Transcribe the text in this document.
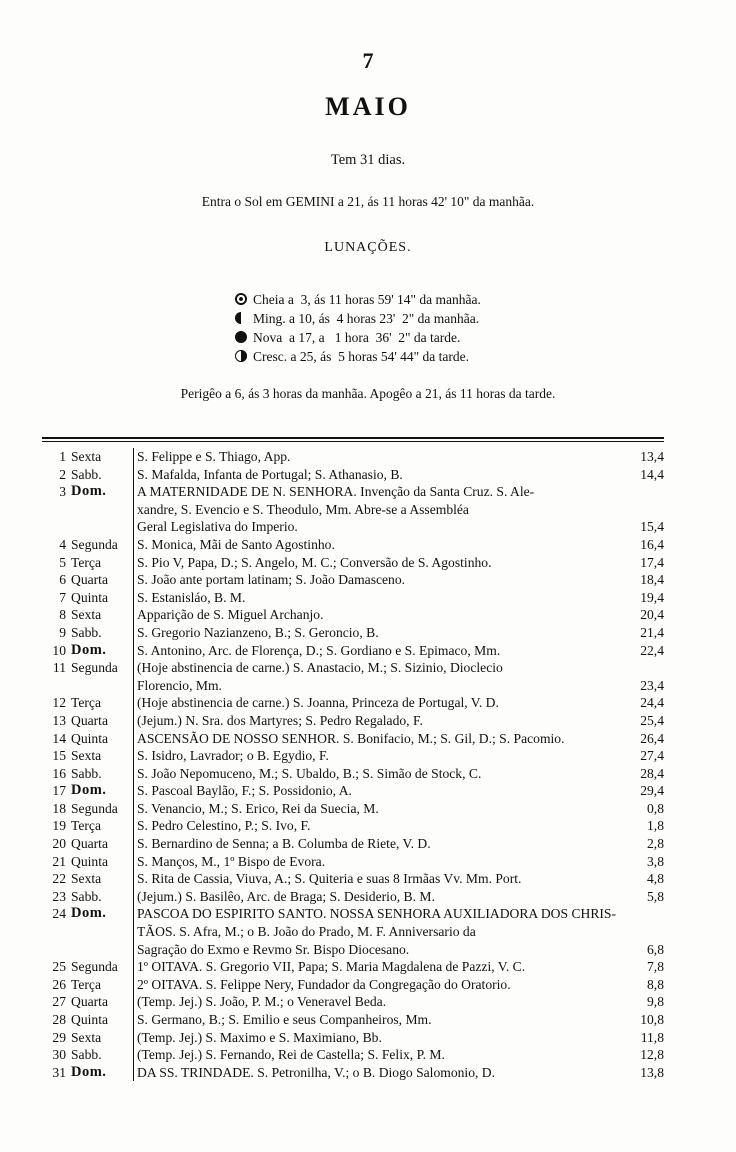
7
MAIO
Tem 31 dias.
Entra o Sol em GEMINI a 21, ás 11 horas 42' 10" da manhãa.
LUNAÇÕES.
Cheia a  3, ás 11 horas 59' 14" da manhãa.
Ming. a 10, ás  4 horas 23'  2" da manhãa.
Nova  a 17, a   1 hora  36'  2" da tarde.
Cresc. a 25, ás  5 horas 54' 44" da tarde.
Perigêo a 6, ás 3 horas da manhãa. Apogêo a 21, ás 11 horas da tarde.
1 Sexta	S. Felippe e S. Thiago, App.	13,4
2 Sabb.	S. Mafalda, Infanta de Portugal; S. Athanasio, B.	14,4
3 Dom.	A MATERNIDADE DE N. SENHORA. Invenção da Santa Cruz. S. Ale-
xandre, S. Evencio e S. Theodulo, Mm. Abre-se a Assembléa
Geral Legislativa do Imperio.	15,4
4 Segunda	S. Monica, Mãi de Santo Agostinho.	16,4
5 Terça	S. Pio V, Papa, D.; S. Angelo, M. C.; Conversão de S. Agostinho.	17,4
6 Quarta	S. João ante portam latinam; S. João Damasceno.	18,4
7 Quinta	S. Estanisláo, B. M.	19,4
8 Sexta	Apparição de S. Miguel Archanjo.	20,4
9 Sabb.	S. Gregorio Nazianzeno, B.; S. Geroncio, B.	21,4
10 Dom.	S. Antonino, Arc. de Florença, D.; S. Gordiano e S. Epimaco, Mm.	22,4
11 Segunda	(Hoje abstinencia de carne.) S. Anastacio, M.; S. Sizinio, Dioclecio
Florencio, Mm.	23,4
12 Terça	(Hoje abstinencia de carne.) S. Joanna, Princeza de Portugal, V. D.	24,4
13 Quarta	(Jejum.) N. Sra. dos Martyres; S. Pedro Regalado, F.	25,4
14 Quinta	ASCENSÃO DE NOSSO SENHOR. S. Bonifacio, M.; S. Gil, D.; S. Pacomio.	26,4
15 Sexta	S. Isidro, Lavrador; o B. Egydio, F.	27,4
16 Sabb.	S. João Nepomuceno, M.; S. Ubaldo, B.; S. Simão de Stock, C.	28,4
17 Dom.	S. Pascoal Baylão, F.; S. Possidonio, A.	29,4
18 Segunda	S. Venancio, M.; S. Erico, Rei da Suecia, M.	0,8
19 Terça	S. Pedro Celestino, P.; S. Ivo, F.	1,8
20 Quarta	S. Bernardino de Senna; a B. Columba de Riete, V. D.	2,8
21 Quinta	S. Manços, M., 1º Bispo de Evora.	3,8
22 Sexta	S. Rita de Cassia, Viuva, A.; S. Quiteria e suas 8 Irmãas Vv. Mm. Port.	4,8
23 Sabb.	(Jejum.) S. Basilêo, Arc. de Braga; S. Desiderio, B. M.	5,8
24 Dom.	PASCOA DO ESPIRITO SANTO. NOSSA SENHORA AUXILIADORA DOS CHRIS-
TÃOS. S. Afra, M.; o B. João do Prado, M. F. Anniversario da
Sagração do Exmo e Revmo Sr. Bispo Diocesano.	6,8
25 Segunda	1º OITAVA. S. Gregorio VII, Papa; S. Maria Magdalena de Pazzi, V. C.	7,8
26 Terça	2º OITAVA. S. Felippe Nery, Fundador da Congregação do Oratorio.	8,8
27 Quarta	(Temp. Jej.) S. João, P. M.; o Veneravel Beda.	9,8
28 Quinta	S. Germano, B.; S. Emilio e seus Companheiros, Mm.	10,8
29 Sexta	(Temp. Jej.) S. Maximo e S. Maximiano, Bb.	11,8
30 Sabb.	(Temp. Jej.) S. Fernando, Rei de Castella; S. Felix, P. M.	12,8
31 Dom.	DA SS. TRINDADE. S. Petronilha, V.; o B. Diogo Salomonio, D.	13,8
